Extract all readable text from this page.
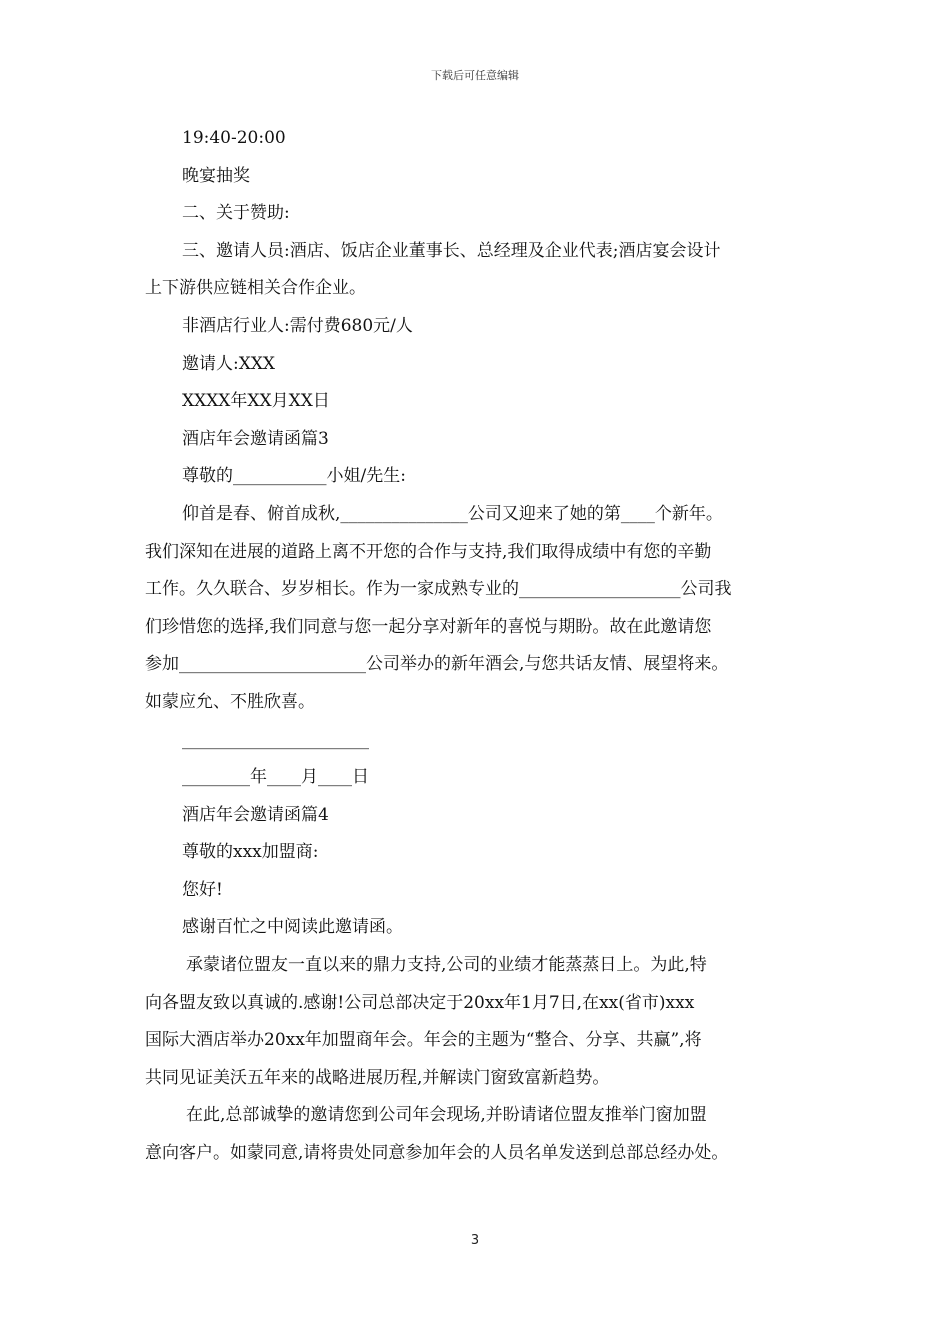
下载后可任意编辑
19:40-20:00
晚宴抽奖
二、关于赞助:
三、邀请人员:酒店、饭店企业董事长、总经理及企业代表;酒店宴会设计
上下游供应链相关合作企业。
非酒店行业人:需付费680元/人
邀请人:XXX
XXXX年XX月XX日
酒店年会邀请函篇3
尊敬的___________小姐/先生:
仰首是春、俯首成秋,_______________公司又迎来了她的第____个新年。
我们深知在进展的道路上离不开您的合作与支持,我们取得成绩中有您的辛勤
工作。久久联合、岁岁相长。作为一家成熟专业的___________________公司我
们珍惜您的选择,我们同意与您一起分享对新年的喜悦与期盼。故在此邀请您
参加______________________公司举办的新年酒会,与您共话友情、展望将来。
如蒙应允、不胜欣喜。
______________________
________年____月____日
酒店年会邀请函篇4
尊敬的xxx加盟商:
您好!
感谢百忙之中阅读此邀请函。
承蒙诸位盟友一直以来的鼎力支持,公司的业绩才能蒸蒸日上。为此,特
向各盟友致以真诚的.感谢!公司总部决定于20xx年1月7日,在xx(省市)xxx
国际大酒店举办20xx年加盟商年会。年会的主题为“整合、分享、共赢”,将
共同见证美沃五年来的战略进展历程,并解读门窗致富新趋势。
在此,总部诚挚的邀请您到公司年会现场,并盼请诸位盟友推举门窗加盟
意向客户。如蒙同意,请将贵处同意参加年会的人员名单发送到总部总经办处。
3
